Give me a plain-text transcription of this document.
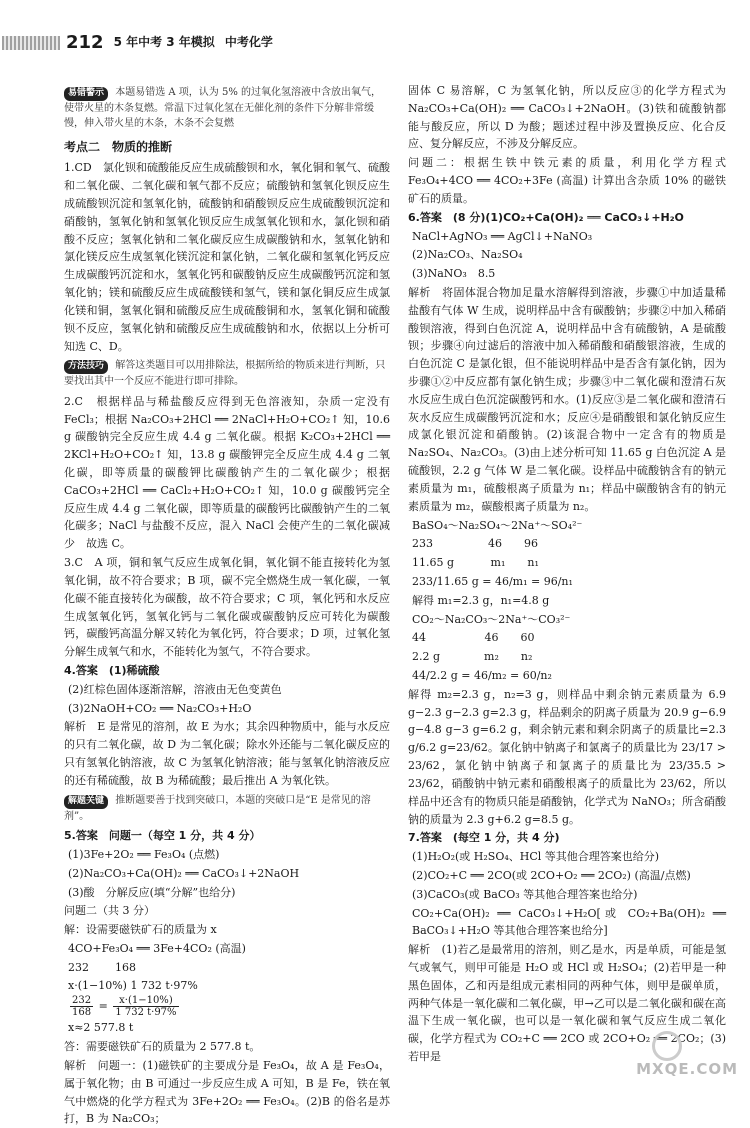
212 5 年中考 3 年模拟 中考化学

易错警示 本题易错选 A 项，认为 5% 的过氧化氢溶液中含放出氧气，使带火星的木条复燃。常温下过氧化氢在无催化剂的条件下分解非常缓慢，伸入带火星的木条，木条不会复燃

考点二　物质的推断

1.CD　氯化钡和硫酸能反应生成硫酸钡和水，氧化铜和氧气、硫酸和二氧化碳、二氧化碳和氧气都不反应；硫酸钠和氢氧化钡反应生成硫酸钡沉淀和氢氧化钠，硫酸钠和硝酸钡反应生成硫酸钡沉淀和硝酸钠，氢氧化钠和氢氧化钡反应生成氢氧化钡和水，氯化钡和硝酸不反应；氢氧化钠和二氧化碳反应生成碳酸钠和水，氢氧化钠和氯化镁反应生成氢氧化镁沉淀和氯化钠，二氧化碳和氢氧化钙反应生成碳酸钙沉淀和水，氢氧化钙和碳酸钠反应生成碳酸钙沉淀和氢氧化钠；镁和硫酸反应生成硫酸镁和氢气，镁和氯化铜反应生成氯化镁和铜，氢氧化铜和硫酸反应生成硫酸铜和水，氢氧化铜和硫酸钡不反应，氢氧化钠和硫酸反应生成硫酸钠和水，依据以上分析可知选 C、D。

方法技巧 解答这类题目可以用排除法，根据所给的物质来进行判断，只要找出其中一个反应不能进行即可排除。

2.C　根据样品与稀盐酸反应得到无色溶液知，杂质一定没有 FeCl₃；根据 Na₂CO₃+2HCl ══ 2NaCl+H₂O+CO₂↑ 知，10.6 g 碳酸钠完全反应生成 4.4 g 二氧化碳。根据 K₂CO₃+2HCl ══ 2KCl+H₂O+CO₂↑ 知，13.8 g 碳酸钾完全反应生成 4.4 g 二氧化碳，即等质量的碳酸钾比碳酸钠产生的二氧化碳少；根据 CaCO₃+2HCl ══ CaCl₂+H₂O+CO₂↑ 知，10.0 g 碳酸钙完全反应生成 4.4 g 二氧化碳，即等质量的碳酸钙比碳酸钠产生的二氧化碳多；NaCl 与盐酸不反应，混入 NaCl 会使产生的二氧化碳减少　故选 C。

3.C　A 项，铜和氧气反应生成氧化铜，氧化铜不能直接转化为氢氧化铜，故不符合要求；B 项，碳不完全燃烧生成一氧化碳，一氧化碳不能直接转化为碳酸，故不符合要求；C 项，氧化钙和水反应生成氢氧化钙，氢氧化钙与二氧化碳或碳酸钠反应可转化为碳酸钙，碳酸钙高温分解又转化为氧化钙，符合要求；D 项，过氧化氢分解生成氧气和水，不能转化为氢气，不符合要求。

4.答案　(1)稀硫酸

(2)红棕色固体逐渐溶解，溶液由无色变黄色

(3)2NaOH+CO₂ ══ Na₂CO₃+H₂O

解析　E 是常见的溶剂，故 E 为水；其余四种物质中，能与水反应的只有二氧化碳，故 D 为二氧化碳；除水外还能与二氧化碳反应的只有氢氧化钠溶液，故 C 为氢氧化钠溶液；能与氢氧化钠溶液反应的还有稀硫酸，故 B 为稀硫酸；最后推出 A 为氧化铁。

解题关键 推断题要善于找到突破口，本题的突破口是“E 是常见的溶剂”。

5.答案　问题一（每空 1 分，共 4 分）

(1)3Fe+2O₂ ══ Fe₃O₄ (点燃)

(2)Na₂CO₃+Ca(OH)₂ ══ CaCO₃↓+2NaOH

(3)酸　分解反应(填“分解”也给分)

问题二（共 3 分）

解：设需要磁铁矿石的质量为 x

4CO+Fe₃O₄ ══ 3Fe+4CO₂ (高温)

232 168

x·(1−10%) 1 732 t·97%

$\frac{232}{168} = \frac{x\cdot(1-10\%)}{1 732 t\cdot 97\%}$

x≈2 577.8 t

答：需要磁铁矿石的质量为 2 577.8 t。

解析　问题一：(1)磁铁矿的主要成分是 Fe₃O₄，故 A 是 Fe₃O₄，属于氧化物；由 B 可通过一步反应生成 A 可知，B 是 Fe，铁在氧气中燃烧的化学方程式为 3Fe+2O₂ ══ Fe₃O₄。(2)B 的俗名是苏打，B 为 Na₂CO₃；

固体 C 易溶解，C 为氢氧化钠，所以反应③的化学方程式为 Na₂CO₃+Ca(OH)₂ ══ CaCO₃↓+2NaOH。(3)铁和硫酸钠都能与酸反应，所以 D 为酸；题述过程中涉及置换反应、化合反应、复分解反应，不涉及分解反应。

问题二：根据生铁中铁元素的质量，利用化学方程式 Fe₃O₄+4CO ══ 4CO₂+3Fe (高温) 计算出含杂质 10% 的磁铁矿石的质量。

6.答案　(8 分)(1)CO₂+Ca(OH)₂ ══ CaCO₃↓+H₂O

NaCl+AgNO₃ ══ AgCl↓+NaNO₃

(2)Na₂CO₃、Na₂SO₄

(3)NaNO₃　8.5

解析　将固体混合物加足量水溶解得到溶液，步骤①中加适量稀盐酸有气体 W 生成，说明样品中含有碳酸钠；步骤②中加入稀硝酸钡溶液，得到白色沉淀 A，说明样品中含有硫酸钠，A 是硫酸钡；步骤④向过滤后的溶液中加入稀硝酸和硝酸银溶液，生成的白色沉淀 C 是氯化银，但不能说明样品中是否含有氯化钠，因为步骤①②中反应都有氯化钠生成；步骤③中二氧化碳和澄清石灰水反应生成白色沉淀碳酸钙和水。(1)反应③是二氧化碳和澄清石灰水反应生成碳酸钙沉淀和水；反应④是硝酸银和氯化钠反应生成氯化银沉淀和硝酸钠。(2)该混合物中一定含有的物质是 Na₂SO₄、Na₂CO₃。(3)由上述分析可知 11.65 g 白色沉淀 A 是硫酸钡，2.2 g 气体 W 是二氧化碳。设样品中硫酸钠含有的钠元素质量为 m₁，硫酸根离子质量为 n₁；样品中碳酸钠含有的钠元素质量为 m₂，碳酸根离子质量为 n₂。

BaSO₄～Na₂SO₄～2Na⁺～SO₄²⁻

233　　　　　46　　96

11.65 g　　　 m₁　　n₁

233/11.65 g = 46/m₁ = 96/n₁

解得 m₁=2.3 g，n₁=4.8 g

CO₂～Na₂CO₃～2Na⁺～CO₃²⁻

44　　　　　 46　　60

2.2 g　　　　m₂　　n₂

44/2.2 g = 46/m₂ = 60/n₂

解得 m₂=2.3 g，n₂=3 g，则样品中剩余钠元素质量为 6.9 g−2.3 g−2.3 g=2.3 g，样品剩余的阴离子质量为 20.9 g−6.9 g−4.8 g−3 g=6.2 g，剩余钠元素和剩余阴离子的质量比=2.3 g/6.2 g=23/62。氯化钠中钠离子和氯离子的质量比为 23/17 > 23/62，氯化钠中钠离子和氯离子的质量比为 23/35.5 > 23/62，硝酸钠中钠元素和硝酸根离子的质量比为 23/62，所以样品中还含有的物质只能是硝酸钠，化学式为 NaNO₃；所含硝酸钠的质量为 2.3 g+6.2 g=8.5 g。

7.答案　(每空 1 分，共 4 分)

(1)H₂O₂(或 H₂SO₄、HCl 等其他合理答案也给分)

(2)CO₂+C ══ 2CO(或 2CO+O₂ ══ 2CO₂) (高温/点燃)

(3)CaCO₃(或 BaCO₃ 等其他合理答案也给分)

CO₂+Ca(OH)₂ ══ CaCO₃↓+H₂O[或 CO₂+Ba(OH)₂ ══ BaCO₃↓+H₂O 等其他合理答案也给分]

解析　(1)若乙是最常用的溶剂，则乙是水，丙是单质，可能是氢气或氧气，则甲可能是 H₂O 或 HCl 或 H₂SO₄；(2)若甲是一种黑色固体，乙和丙是组成元素相同的两种气体，则甲是碳单质，两种气体是一氧化碳和二氧化碳，甲→乙可以是二氧化碳和碳在高温下生成一氧化碳，也可以是一氧化碳和氧气反应生成二氧化碳，化学方程式为 CO₂+C ══ 2CO 或 2CO+O₂ ══ 2CO₂；(3)若甲是

MXQE.COM
